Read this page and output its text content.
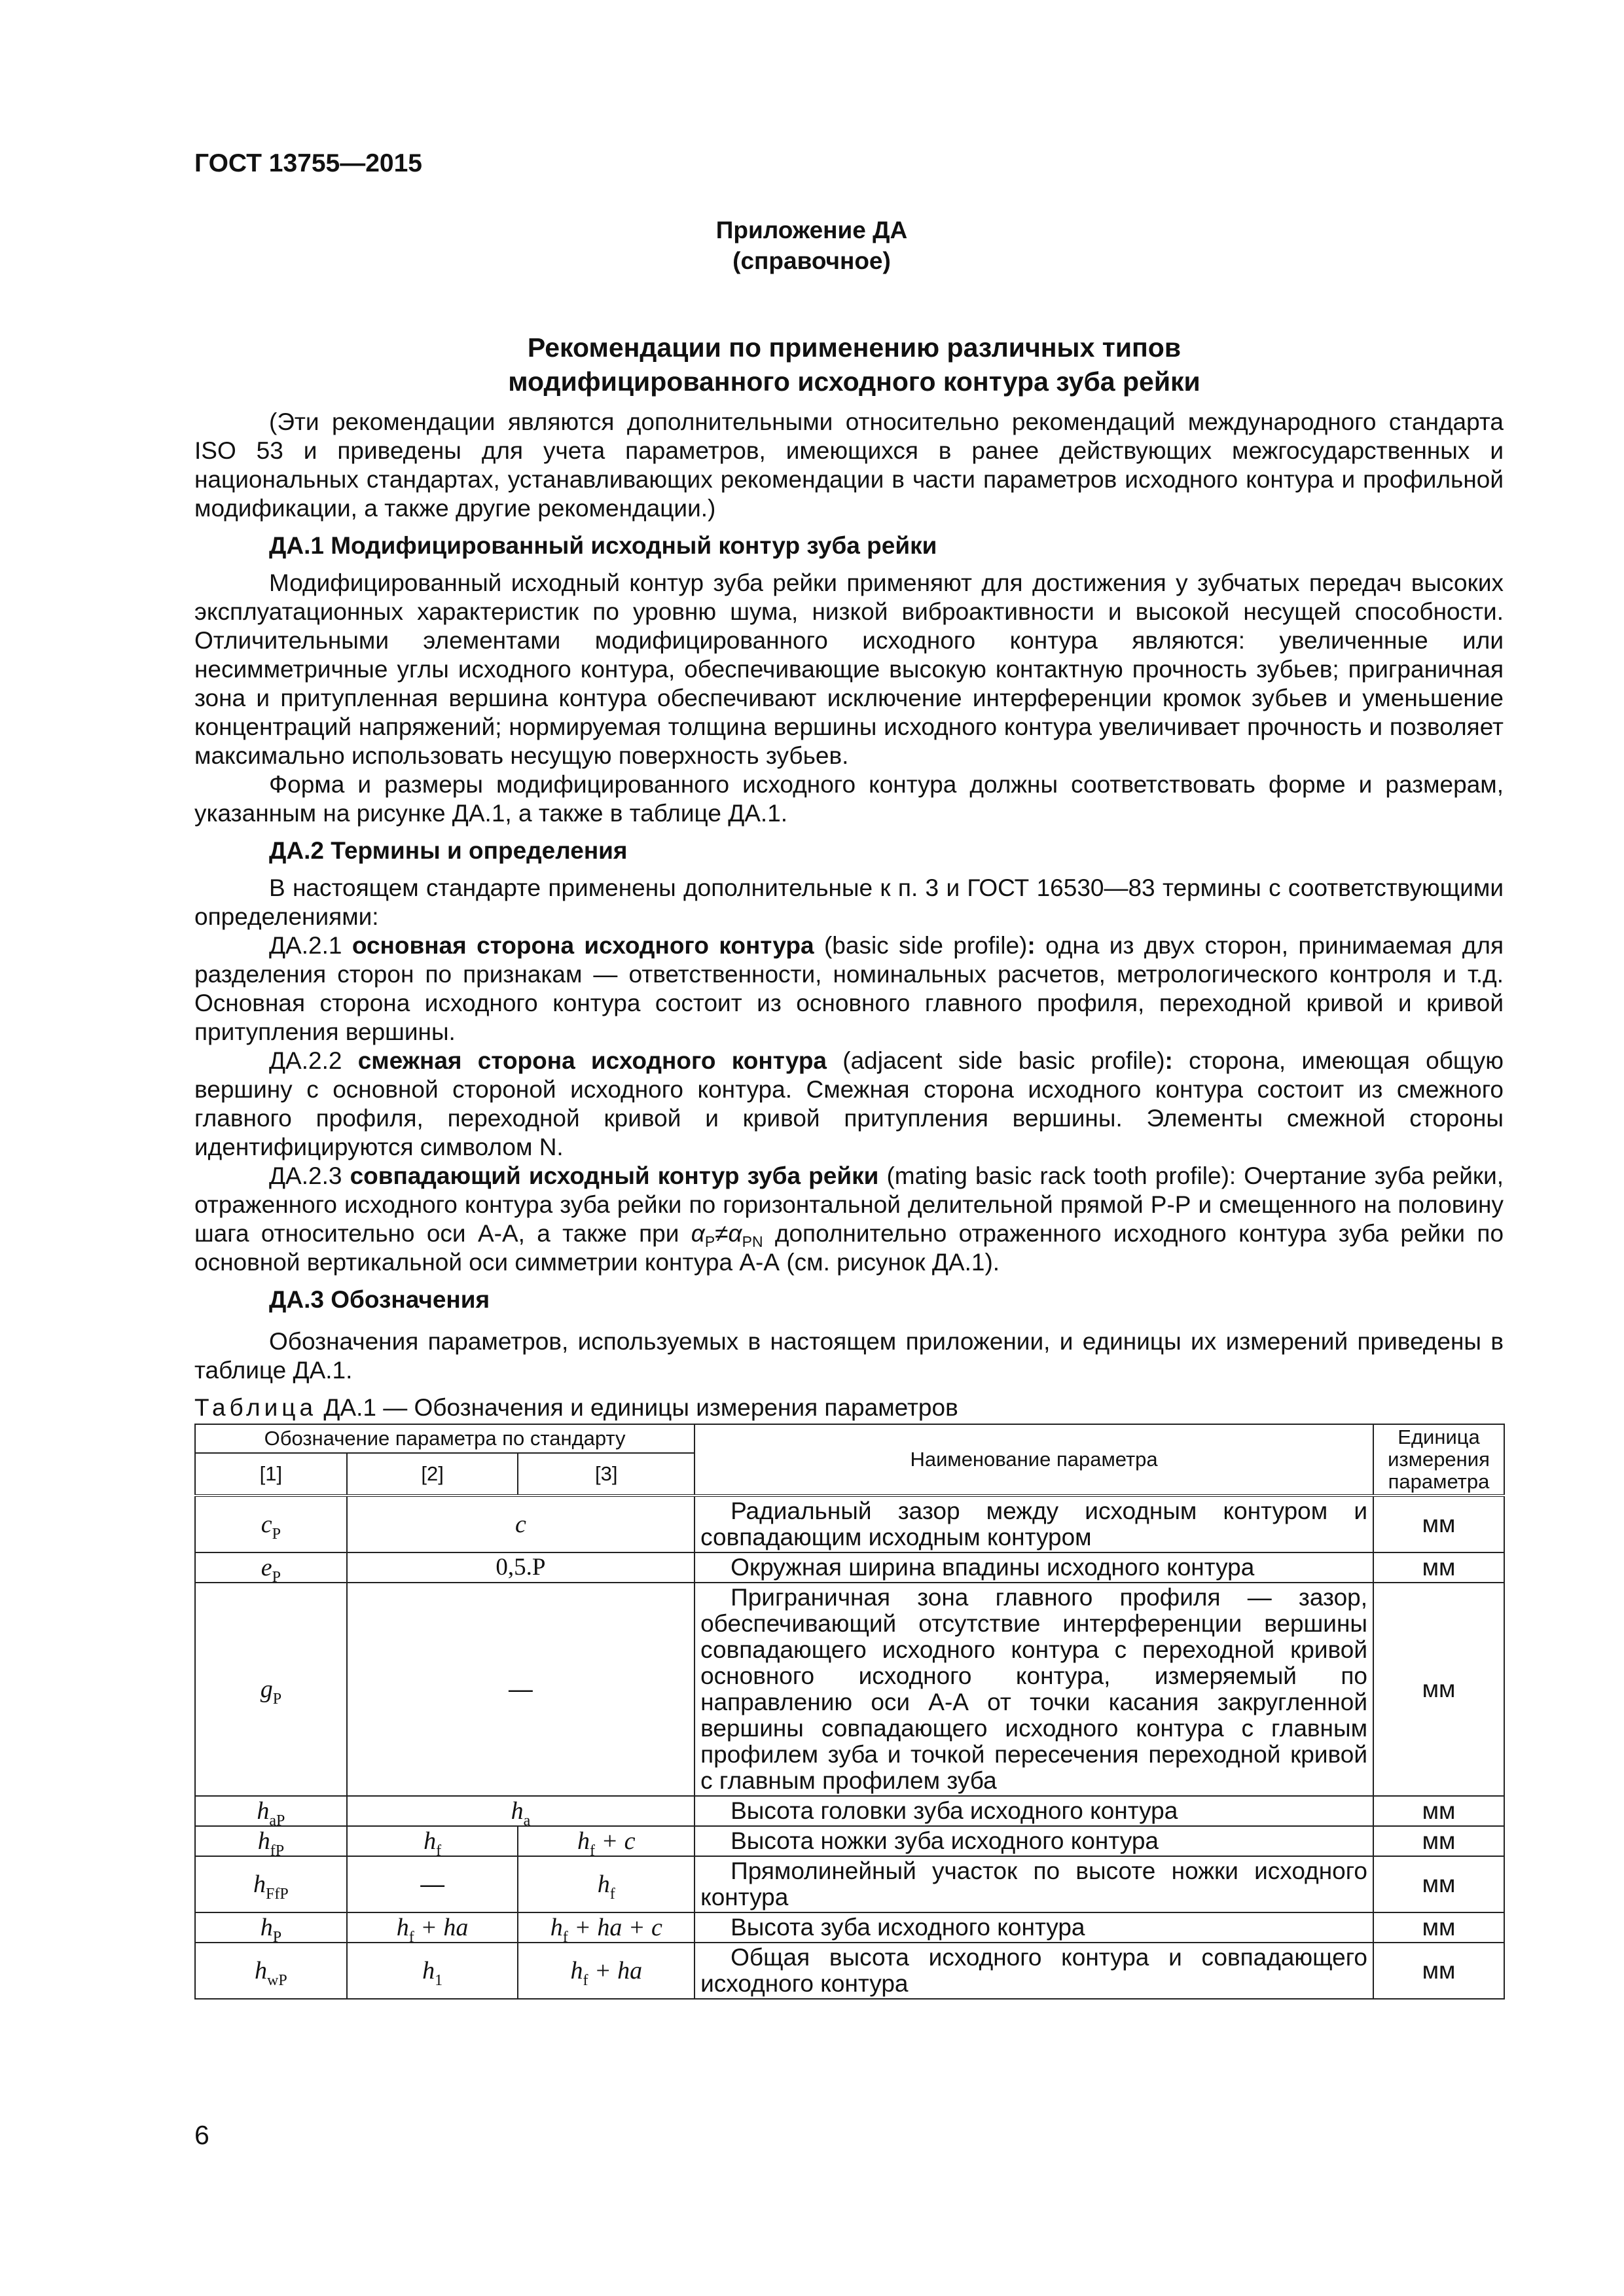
ГОСТ 13755—2015
Приложение ДА
(справочное)
Рекомендации по применению различных типов
модифицированного исходного контура зуба рейки

(Эти рекомендации являются дополнительными относительно рекомендаций международного стандарта ISO 53 и приведены для учета параметров, имеющихся в ранее действующих межгосударственных и национальных стандартах, устанавливающих рекомендации в части параметров исходного контура и профильной модификации, а также другие рекомендации.)

ДА.1 Модифицированный исходный контур зуба рейки

Модифицированный исходный контур зуба рейки применяют для достижения у зубчатых передач высоких эксплуатационных характеристик по уровню шума, низкой виброактивности и высокой несущей способности. Отличительными элементами модифицированного исходного контура являются: увеличенные или несимметричные углы исходного контура, обеспечивающие высокую контактную прочность зубьев; приграничная зона и притупленная вершина контура обеспечивают исключение интерференции кромок зубьев и уменьшение концентраций напряжений; нормируемая толщина вершины исходного контура увеличивает прочность и позволяет максимально использовать несущую поверхность зубьев.

Форма и размеры модифицированного исходного контура должны соответствовать форме и размерам, указанным на рисунке ДА.1, а также в таблице ДА.1.

ДА.2 Термины и определения

В настоящем стандарте применены дополнительные к п. 3 и ГОСТ 16530—83 термины с соответствующими определениями:

ДА.2.1 основная сторона исходного контура (basic side profile): одна из двух сторон, принимаемая для разделения сторон по признакам — ответственности, номинальных расчетов, метрологического контроля и т.д. Основная сторона исходного контура состоит из основного главного профиля, переходной кривой и кривой притупления вершины.

ДА.2.2 смежная сторона исходного контура (adjacent side basic profile): сторона, имеющая общую вершину с основной стороной исходного контура. Смежная сторона исходного контура состоит из смежного главного профиля, переходной кривой и кривой притупления вершины. Элементы смежной стороны идентифицируются символом N.

ДА.2.3 совпадающий исходный контур зуба рейки (mating basic rack tooth profile): Очертание зуба рейки, отраженного исходного контура зуба рейки по горизонтальной делительной прямой Р-Р и смещенного на половину шага относительно оси А-А, а также при $\alpha_P\ne\alpha_{PN}$ дополнительно отраженного исходного контура зуба рейки по основной вертикальной оси симметрии контура А-А (см. рисунок ДА.1).

ДА.3 Обозначения

Обозначения параметров, используемых в настоящем приложении, и единицы их измерений приведены в таблице ДА.1.

Таблица ДА.1 — Обозначения и единицы измерения параметров
Обозначение параметра по стандарту			Наименование параметра	Единица измерения параметра
[1]	[2]	[3]		
$c_P$	c		Радиальный зазор между исходным контуром и совпадающим исходным контуром	мм
$e_P$	0,5.P		Окружная ширина впадины исходного контура	мм
$g_P$	—		Приграничная зона главного профиля — зазор, обеспечивающий отсутствие интерференции вершины совпадающего исходного контура с переходной кривой основного исходного контура, измеряемый по направлению оси А-А от точки касания закругленной вершины совпадающего исходного контура с главным профилем зуба и точкой пересечения переходной кривой с главным профилем зуба	мм
$h_{aP}$	$h_a$		Высота головки зуба исходного контура	мм
$h_{fP}$	$h_f$	$h_f + c$	Высота ножки зуба исходного контура	мм
$h_{FfP}$	—	$h_f$	Прямолинейный участок по высоте ножки исходного контура	мм
$h_P$	$h_f$ + ha	$h_f$ + ha + c	Высота зуба исходного контура	мм
$h_{wP}$	$h_1$	$h_f$ + ha	Общая высота исходного контура и совпадающего исходного контура	мм
6
